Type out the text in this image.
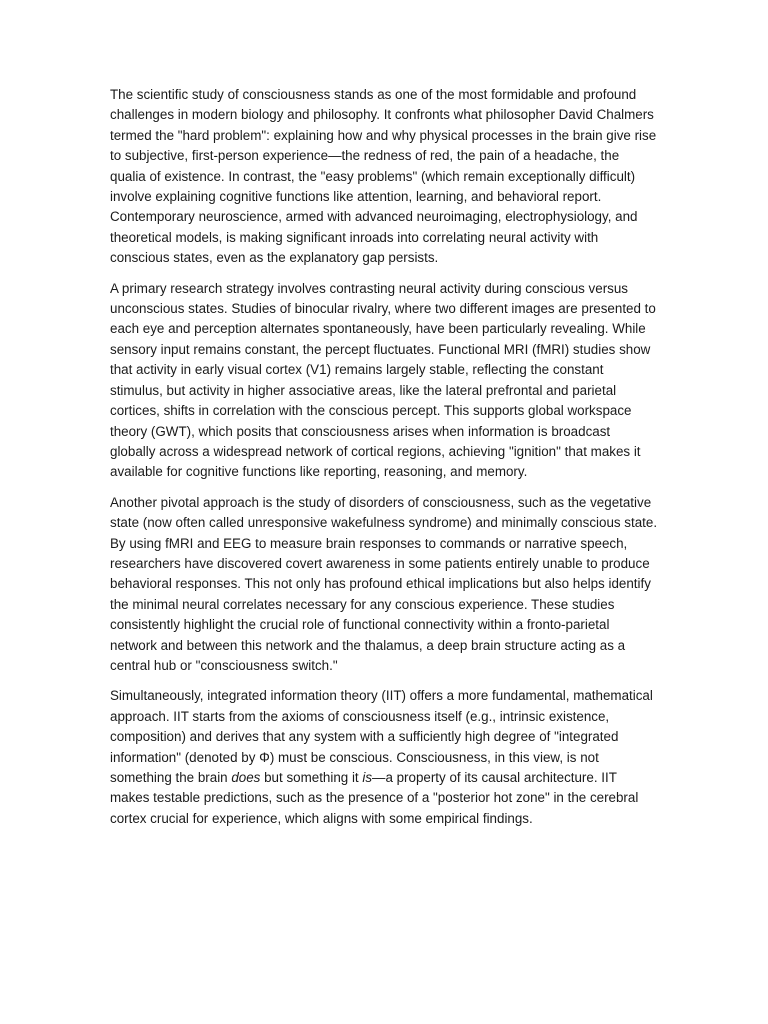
The scientific study of consciousness stands as one of the most formidable and profound challenges in modern biology and philosophy. It confronts what philosopher David Chalmers termed the "hard problem": explaining how and why physical processes in the brain give rise to subjective, first-person experience—the redness of red, the pain of a headache, the qualia of existence. In contrast, the "easy problems" (which remain exceptionally difficult) involve explaining cognitive functions like attention, learning, and behavioral report. Contemporary neuroscience, armed with advanced neuroimaging, electrophysiology, and theoretical models, is making significant inroads into correlating neural activity with conscious states, even as the explanatory gap persists.

A primary research strategy involves contrasting neural activity during conscious versus unconscious states. Studies of binocular rivalry, where two different images are presented to each eye and perception alternates spontaneously, have been particularly revealing. While sensory input remains constant, the percept fluctuates. Functional MRI (fMRI) studies show that activity in early visual cortex (V1) remains largely stable, reflecting the constant stimulus, but activity in higher associative areas, like the lateral prefrontal and parietal cortices, shifts in correlation with the conscious percept. This supports global workspace theory (GWT), which posits that consciousness arises when information is broadcast globally across a widespread network of cortical regions, achieving "ignition" that makes it available for cognitive functions like reporting, reasoning, and memory.

Another pivotal approach is the study of disorders of consciousness, such as the vegetative state (now often called unresponsive wakefulness syndrome) and minimally conscious state. By using fMRI and EEG to measure brain responses to commands or narrative speech, researchers have discovered covert awareness in some patients entirely unable to produce behavioral responses. This not only has profound ethical implications but also helps identify the minimal neural correlates necessary for any conscious experience. These studies consistently highlight the crucial role of functional connectivity within a fronto-parietal network and between this network and the thalamus, a deep brain structure acting as a central hub or "consciousness switch."

Simultaneously, integrated information theory (IIT) offers a more fundamental, mathematical approach. IIT starts from the axioms of consciousness itself (e.g., intrinsic existence, composition) and derives that any system with a sufficiently high degree of "integrated information" (denoted by Φ) must be conscious. Consciousness, in this view, is not something the brain does but something it is—a property of its causal architecture. IIT makes testable predictions, such as the presence of a "posterior hot zone" in the cerebral cortex crucial for experience, which aligns with some empirical findings.
